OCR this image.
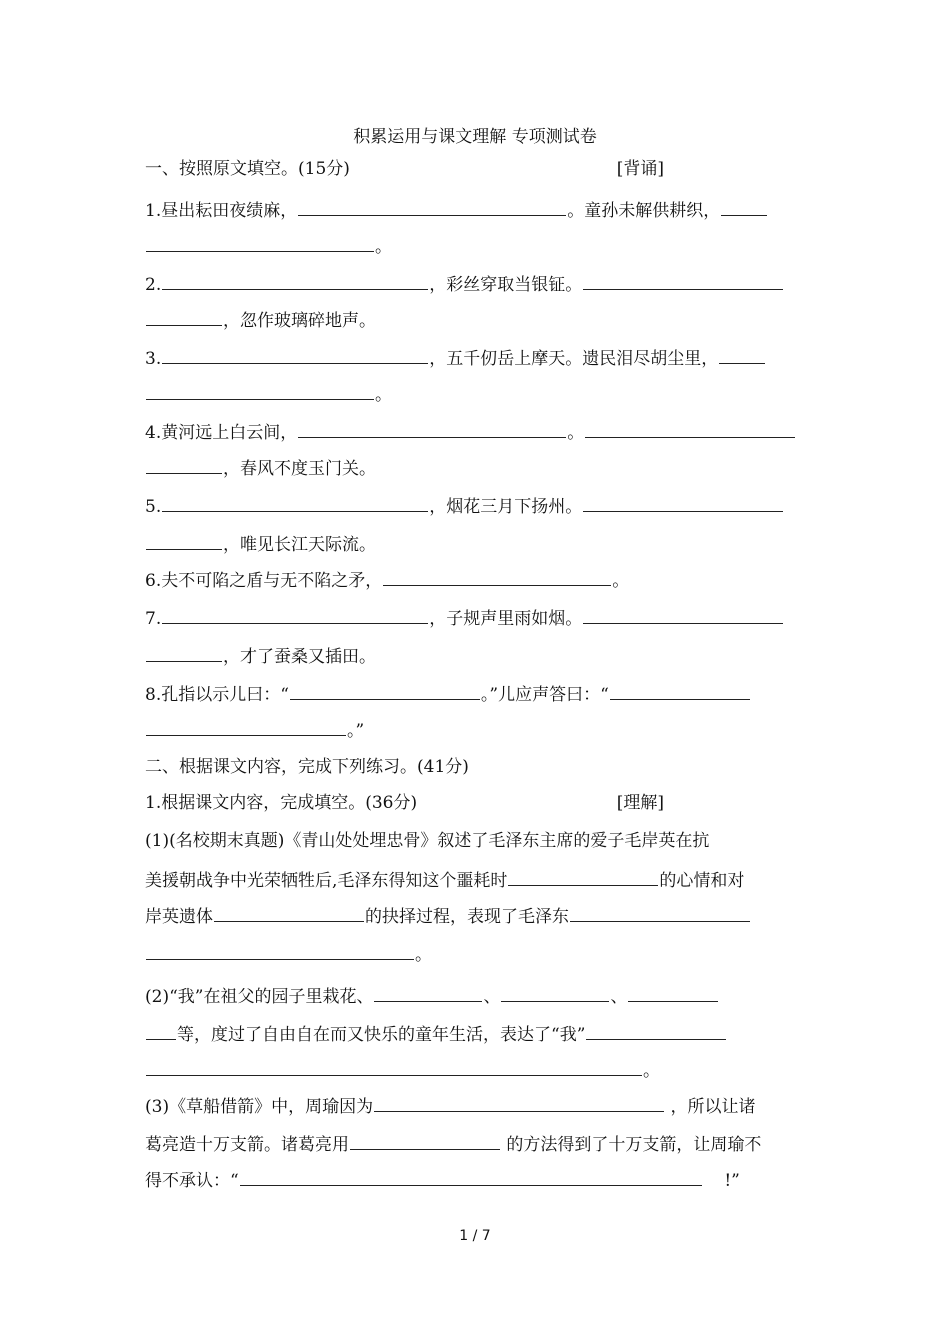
积累运用与课文理解 专项测试卷
一、按照原文填空。(15分)	[背诵]
1.昼出耘田夜绩麻，	。童孙未解供耕织，
。
2.	，彩丝穿取当银钲。
，忽作玻璃碎地声。
3.	，五千仞岳上摩天。遗民泪尽胡尘里，
。
4.黄河远上白云间，	。
，春风不度玉门关。
5.	，烟花三月下扬州。
，唯见长江天际流。
6.夫不可陷之盾与无不陷之矛，	。
7.	，子规声里雨如烟。
，才了蚕桑又插田。
8.孔指以示儿曰：“	。”儿应声答曰：“
。”
二、根据课文内容，完成下列练习。(41分)
1.根据课文内容，完成填空。(36分)	[理解]
(1)(名校期末真题)《青山处处埋忠骨》叙述了毛泽东主席的爱子毛岸英在抗
美援朝战争中光荣牺牲后,毛泽东得知这个噩耗时	的心情和对
岸英遗体	的抉择过程，表现了毛泽东
。
(2)“我”在祖父的园子里栽花、	、	、
等，度过了自由自在而又快乐的童年生活，表达了“我”
。
(3)《草船借箭》中，周瑜因为	，所以让诸
葛亮造十万支箭。诸葛亮用	的方法得到了十万支箭，让周瑜不
得不承认：“	!”
1 / 7
